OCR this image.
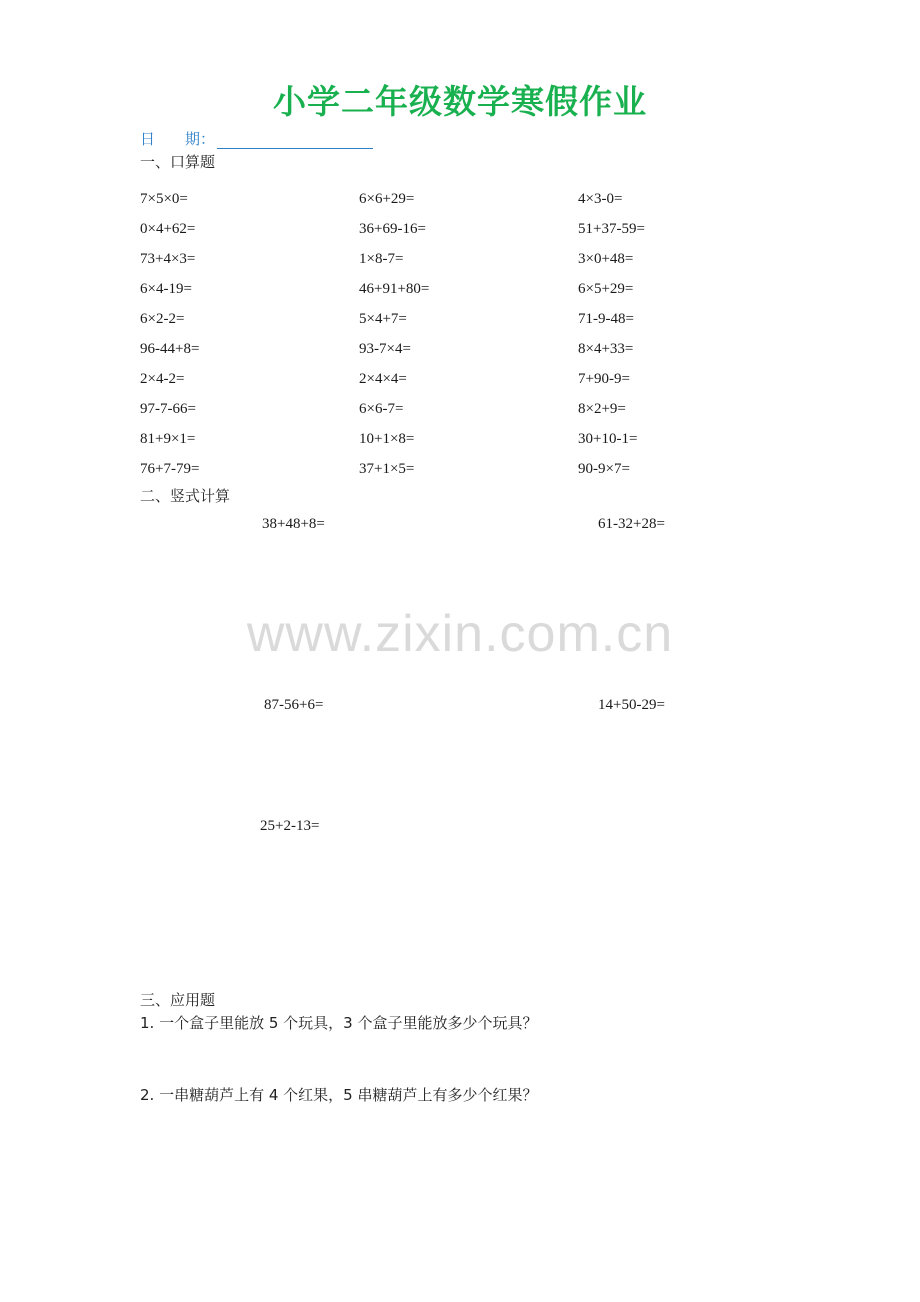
小学二年级数学寒假作业
日 期：
一、口算题
7×5×0=	6×6+29=	4×3-0=
0×4+62=	36+69-16=	51+37-59=
73+4×3=	1×8-7=	3×0+48=
6×4-19=	46+91+80=	6×5+29=
6×2-2=	5×4+7=	71-9-48=
96-44+8=	93-7×4=	8×4+33=
2×4-2=	2×4×4=	7+90-9=
97-7-66=	6×6-7=	8×2+9=
81+9×1=	10+1×8=	30+10-1=
76+7-79=	37+1×5=	90-9×7=
二、竖式计算
38+48+8=	61-32+28=
www.zixin.com.cn
87-56+6=	14+50-29=
25+2-13=
三、应用题
1. 一个盒子里能放 5 个玩具，3 个盒子里能放多少个玩具？
2. 一串糖葫芦上有 4 个红果，5 串糖葫芦上有多少个红果？
